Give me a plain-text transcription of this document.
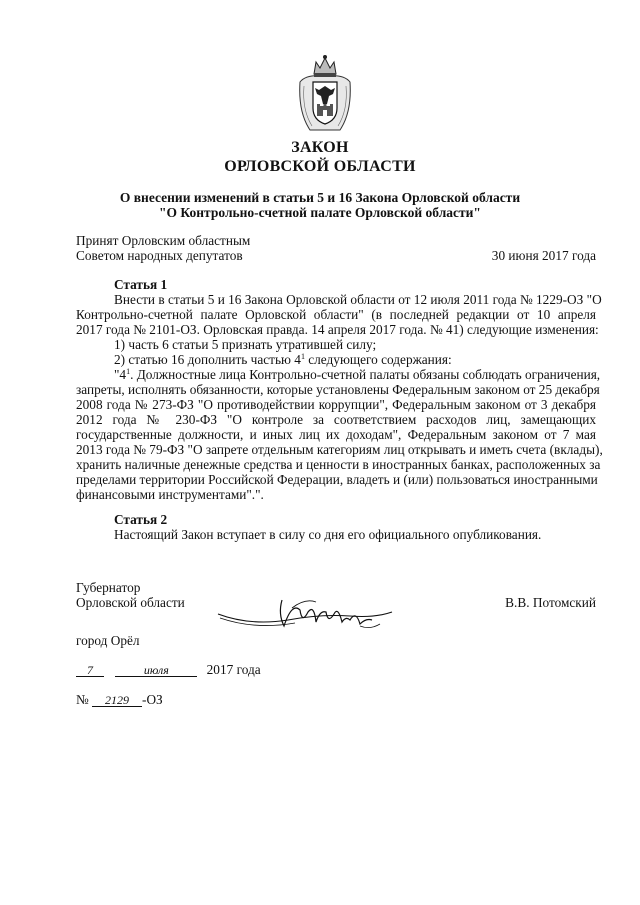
ЗАКОН
ОРЛОВСКОЙ ОБЛАСТИ
О внесении изменений в статьи 5 и 16 Закона Орловской области
"О Контрольно-счетной палате Орловской области"
Принят Орловским областным
Советом народных депутатов	30 июня 2017 года
Статья 1
Внести в статьи 5 и 16 Закона Орловской области от 12 июля 2011 года № 1229-ОЗ "О
Контрольно-счетной палате Орловской области" (в последней редакции от 10 апреля
2017 года № 2101-ОЗ. Орловская правда. 14 апреля 2017 года. № 41) следующие изменения:
1) часть 6 статьи 5 признать утратившей силу;
2) статью 16 дополнить частью $4^1$ следующего содержания:
"$4^1$. Должностные лица Контрольно-счетной палаты обязаны соблюдать ограничения,
запреты, исполнять обязанности, которые установлены Федеральным законом от 25 декабря
2008 года № 273-ФЗ "О противодействии коррупции", Федеральным законом от 3 декабря
2012 года № 230-ФЗ "О контроле за соответствием расходов лиц, замещающих
государственные должности, и иных лиц их доходам", Федеральным законом от 7 мая
2013 года № 79-ФЗ "О запрете отдельным категориям лиц открывать и иметь счета (вклады),
хранить наличные денежные средства и ценности в иностранных банках, расположенных за
пределами территории Российской Федерации, владеть и (или) пользоваться иностранными
финансовыми инструментами".".
Статья 2
Настоящий Закон вступает в силу со дня его официального опубликования.
Губернатор
Орловской области	В.В. Потомский
город Орёл
7	июля	2017 года
№ 2129 -ОЗ
